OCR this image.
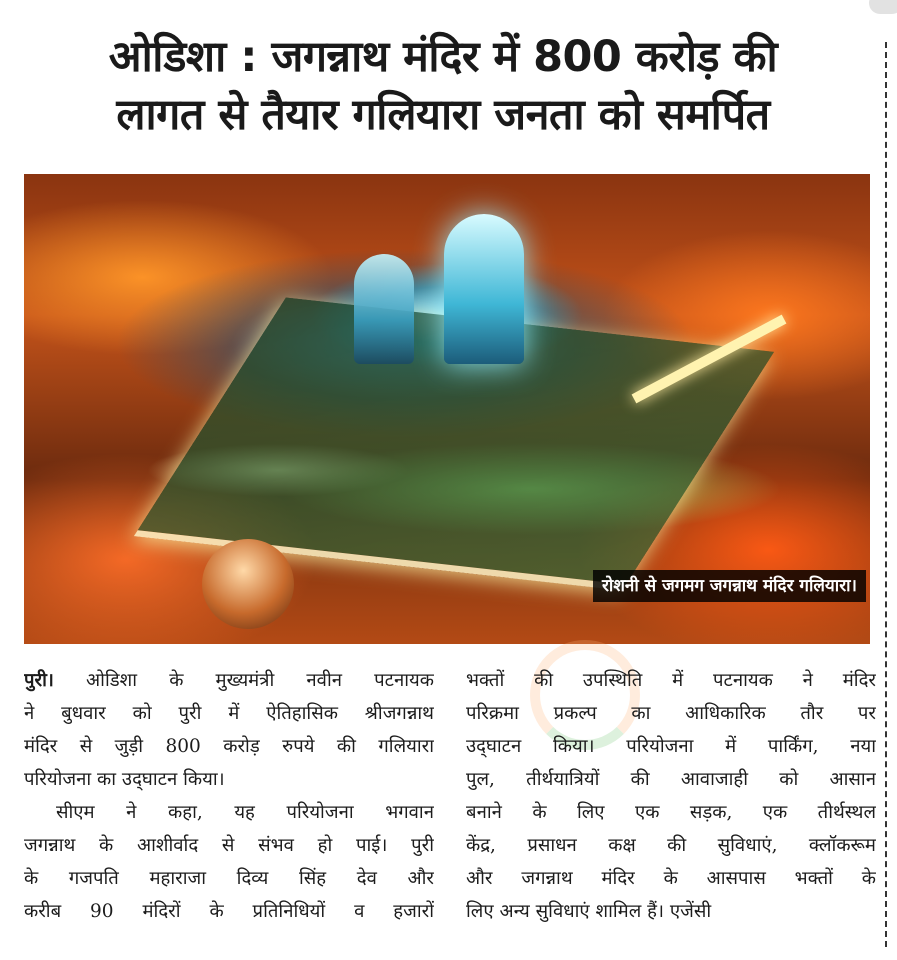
ओडिशा : जगन्नाथ मंदिर में 800 करोड़ की
लागत से तैयार गलियारा जनता को समर्पित
रोशनी से जगमग जगन्नाथ मंदिर गलियारा।
पुरी। ओडिशा के मुख्यमंत्री नवीन पटनायक
ने बुधवार को पुरी में ऐतिहासिक श्रीजगन्नाथ
मंदिर से जुड़ी 800 करोड़ रुपये की गलियारा
परियोजना का उद्‌घाटन किया।
सीएम ने कहा, यह परियोजना भगवान
जगन्नाथ के आशीर्वाद से संभव हो पाई। पुरी
के गजपति महाराजा दिव्य सिंह देव और
करीब 90 मंदिरों के प्रतिनिधियों व हजारों
भक्तों की उपस्थिति में पटनायक ने मंदिर
परिक्रमा प्रकल्प का आधिकारिक तौर पर
उद्‌घाटन किया। परियोजना में पार्किंग, नया
पुल, तीर्थयात्रियों की आवाजाही को आसान
बनाने के लिए एक सड़क, एक तीर्थस्थल
केंद्र, प्रसाधन कक्ष की सुविधाएं, क्लॉकरूम
और जगन्नाथ मंदिर के आसपास भक्तों के
लिए अन्य सुविधाएं शामिल हैं। एजेंसी
